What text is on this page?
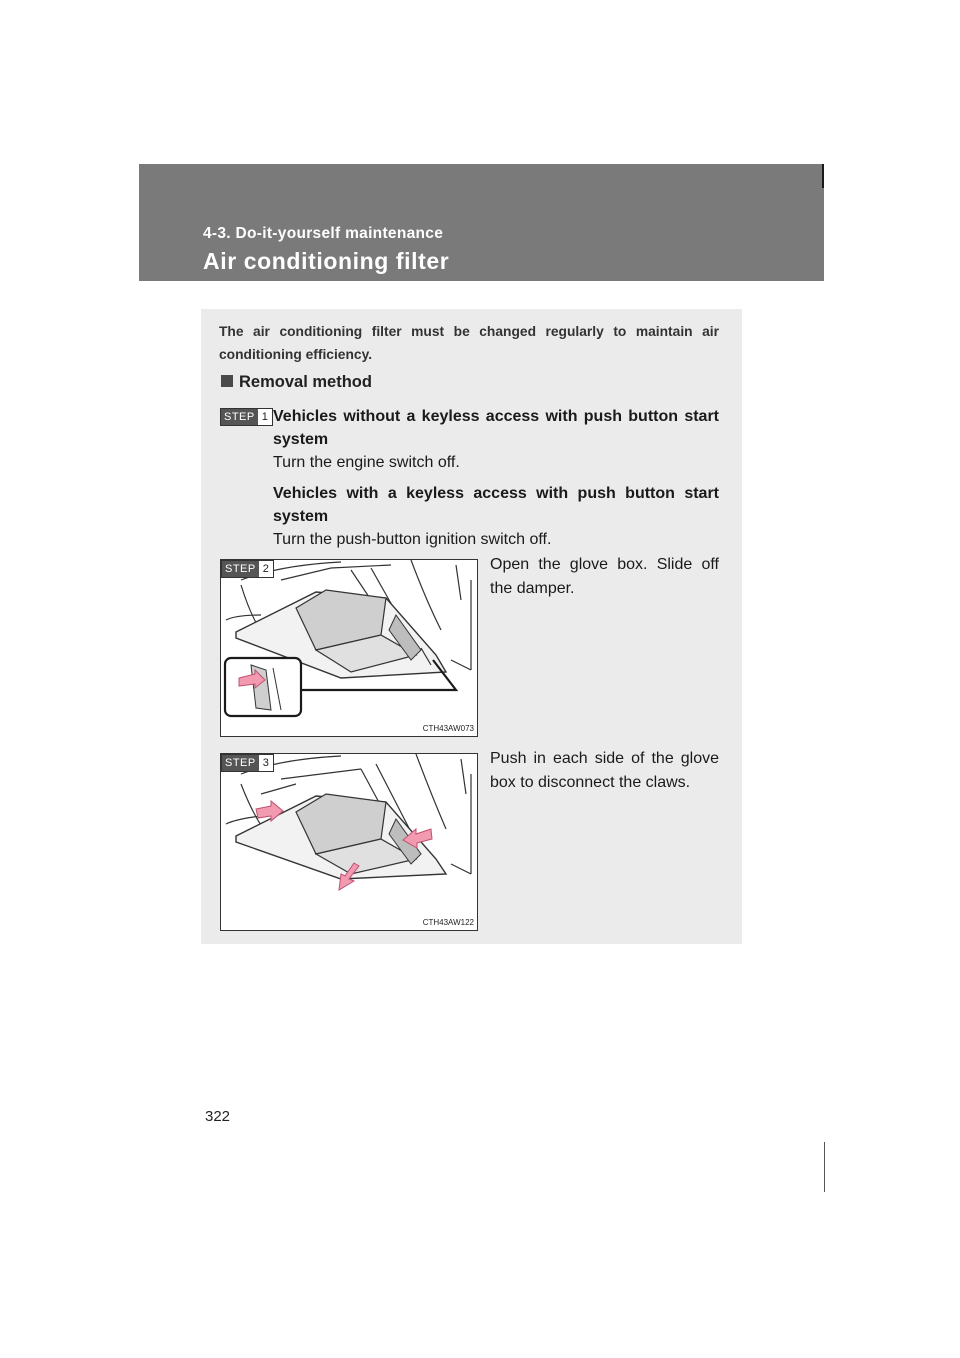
4-3. Do-it-yourself maintenance
Air conditioning filter
The air conditioning filter must be changed regularly to maintain air conditioning efficiency.
Removal method
STEP 1 Vehicles without a keyless access with push button start system
Turn the engine switch off.
Vehicles with a keyless access with push button start system
Turn the push-button ignition switch off.
CTH43AW073
STEP 2	Open the glove box. Slide off the damper.
CTH43AW122
STEP 3	Push in each side of the glove box to disconnect the claws.
322
